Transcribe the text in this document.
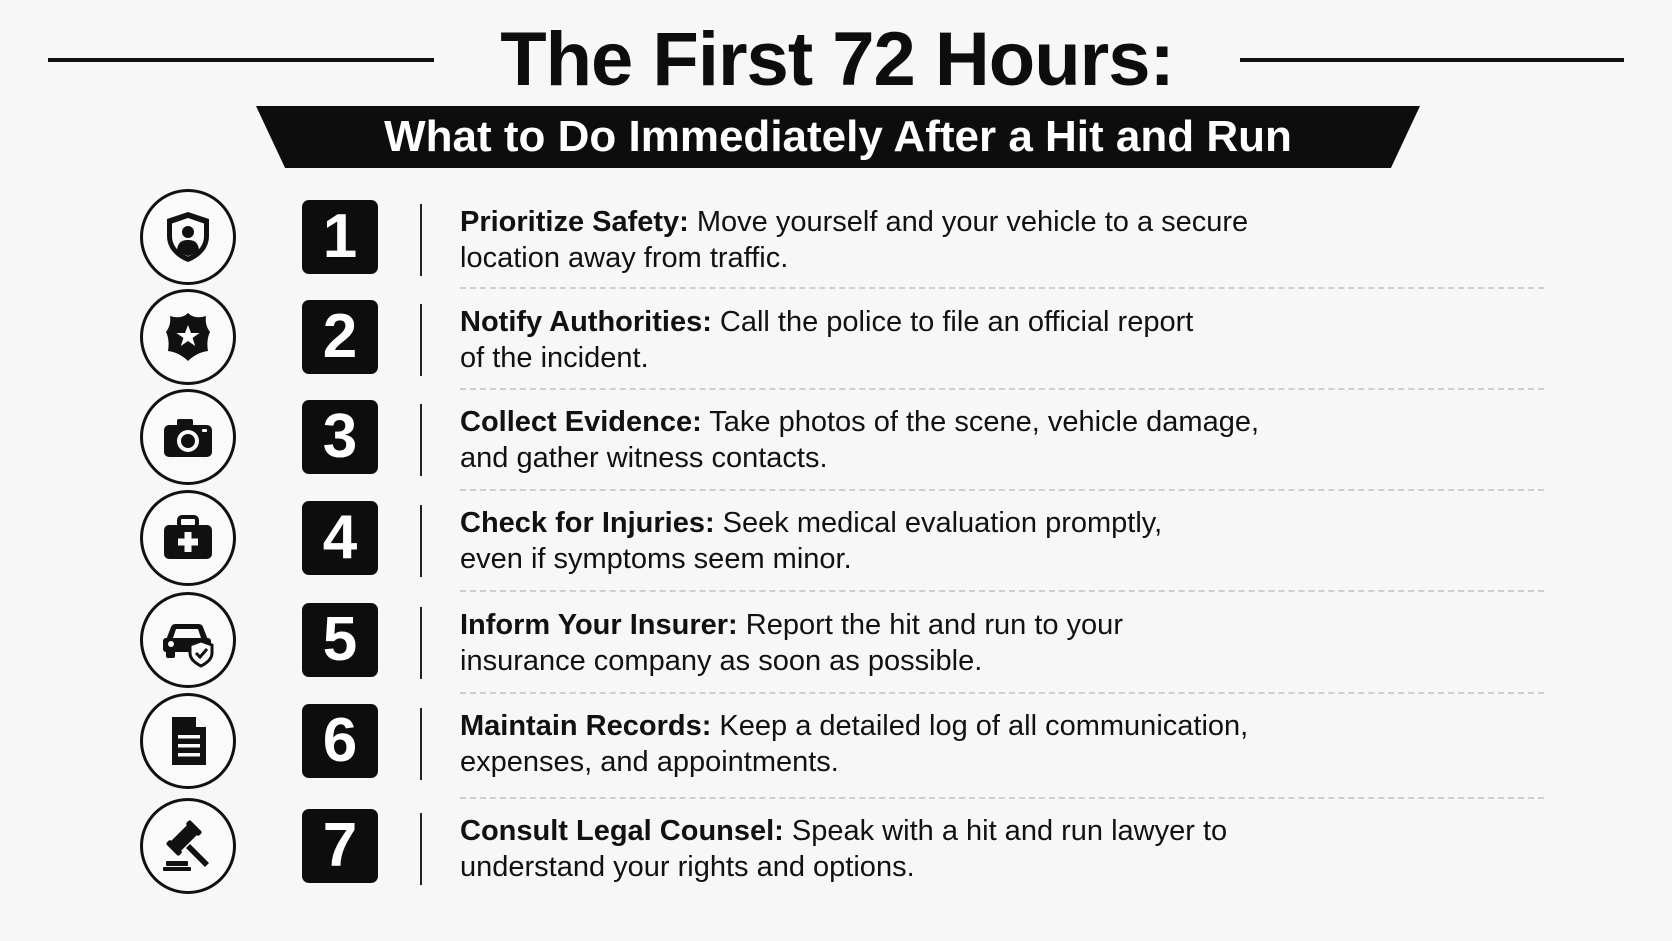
The First 72 Hours:
What to Do Immediately After a Hit and Run
1	Prioritize Safety: Move yourself and your vehicle to a secure
location away from traffic.
2	Notify Authorities: Call the police to file an official report
of the incident.
3	Collect Evidence: Take photos of the scene, vehicle damage,
and gather witness contacts.
4	Check for Injuries: Seek medical evaluation promptly,
even if symptoms seem minor.
5	Inform Your Insurer: Report the hit and run to your
insurance company as soon as possible.
6	Maintain Records: Keep a detailed log of all communication,
expenses, and appointments.
7	Consult Legal Counsel: Speak with a hit and run lawyer to
understand your rights and options.
